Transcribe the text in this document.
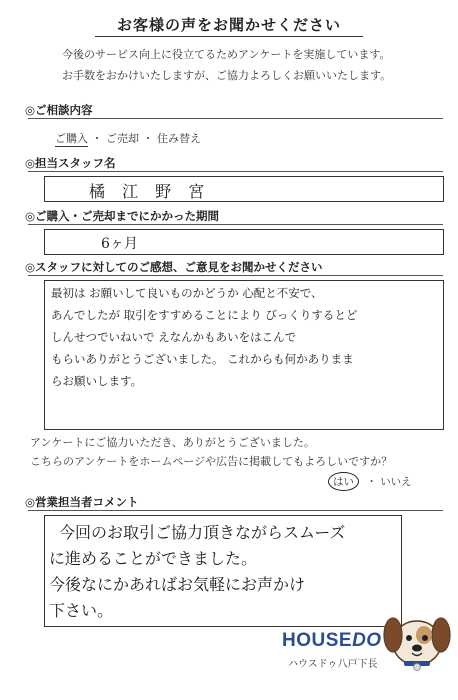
お客様の声をお聞かせください
今後のサービス向上に役立てるためアンケートを実施しています。
お手数をおかけいたしますが、ご協力よろしくお願いいたします。
◎ご相談内容
ご購入 ・ ご売却 ・ 住み替え
◎担当スタッフ名
橘 江 野 宮
◎ご購入・ご売却までにかかった期間
6ヶ月
◎スタッフに対してのご感想、ご意見をお聞かせください
最初は お願いして良いものかどうか 心配と不安で、
あんでしたが 取引をすすめることにより びっくりするとど
しんせつでいねいで えなんかもあいをはこんで
もらいありがとうございました。 これからも何かありまま
らお願いします。
アンケートにご協力いただき、ありがとうございました。
こちらのアンケートをホームページや広告に掲載してもよろしいですか？
はい ・ いいえ
◎営業担当者コメント
今回のお取引ご協力頂きながらスムーズ
に進めることができました。
今後なにかあればお気軽にお声かけ
下さい。
HOUSEDO
ハウスドゥ八戸下長
